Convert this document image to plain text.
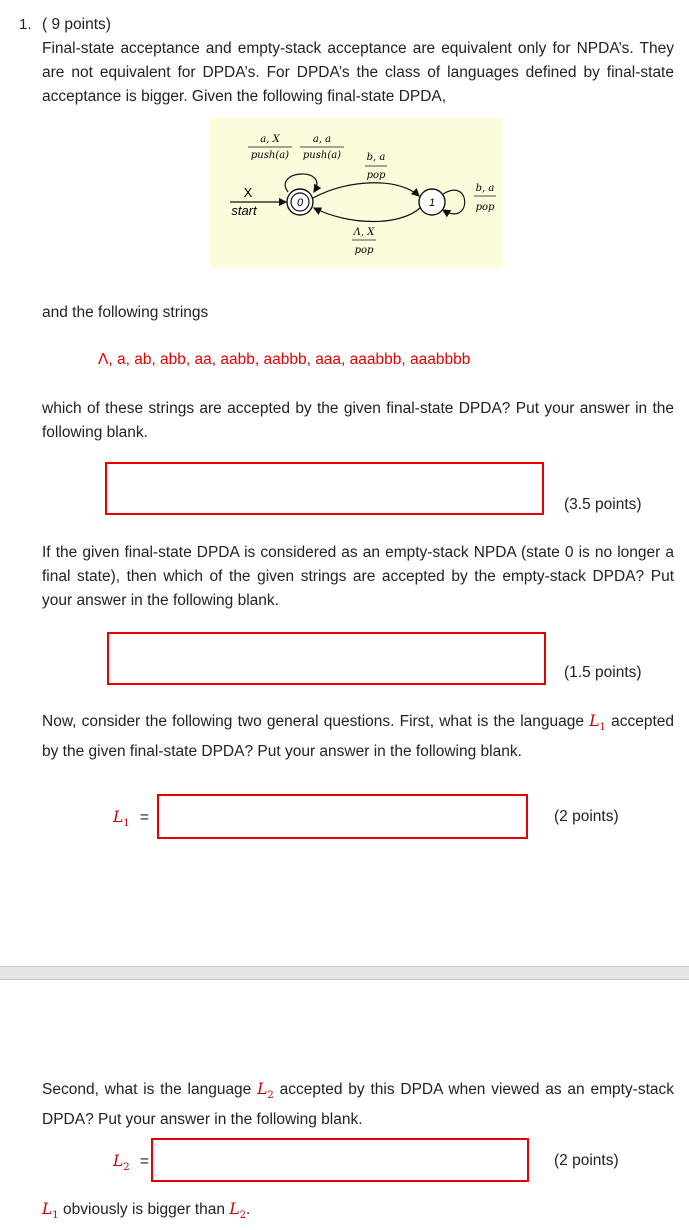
1. ( 9 points)
Final-state acceptance and empty-stack acceptance are equivalent only for NPDA’s. They are not equivalent for DPDA’s. For DPDA’s the class of languages defined by final-state acceptance is bigger. Given the following final-state DPDA,
a, X
push(a)
a, a
push(a)
X
start	0
b, a
pop
Λ, X
pop
1
b, a
pop
and the following strings
Λ, a, ab, abb, aa, aabb, aabbb, aaa, aaabbb, aaabbbb
which of these strings are accepted by the given final-state DPDA? Put your answer in the following blank.
(3.5 points)
If the given final-state DPDA is considered as an empty-stack NPDA (state 0 is no longer a final state), then which of the given strings are accepted by the empty-stack DPDA? Put your answer in the following blank.
(1.5 points)
Now, consider the following two general questions. First, what is the language $L_1$ accepted by the given final-state DPDA? Put your answer in the following blank.
$L_1$ =	(2 points)
Second, what is the language $L_2$ accepted by this DPDA when viewed as an empty-stack DPDA? Put your answer in the following blank.
$L_2$ =	(2 points)
$L_1$ obviously is bigger than $L_2$.
